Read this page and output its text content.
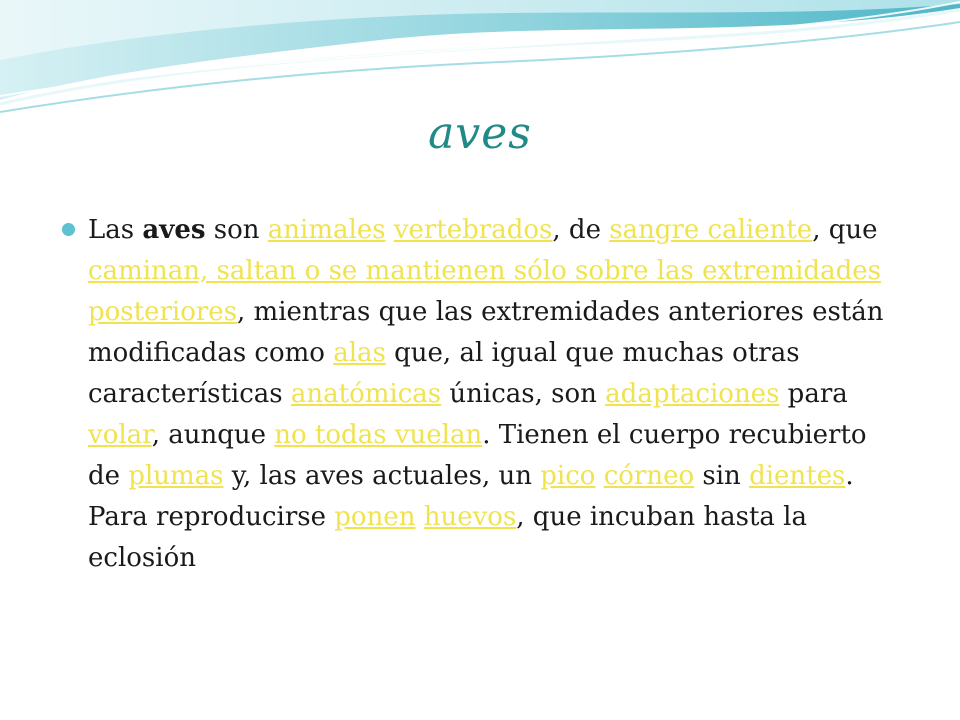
aves

Las aves son animales vertebrados, de sangre caliente, que caminan, saltan o se mantienen sólo sobre las extremidades posteriores, mientras que las extremidades anteriores están modificadas como alas que, al igual que muchas otras características anatómicas únicas, son adaptaciones para volar, aunque no todas vuelan. Tienen el cuerpo recubierto de plumas y, las aves actuales, un pico córneo sin dientes. Para reproducirse ponen huevos, que incuban hasta la eclosión
